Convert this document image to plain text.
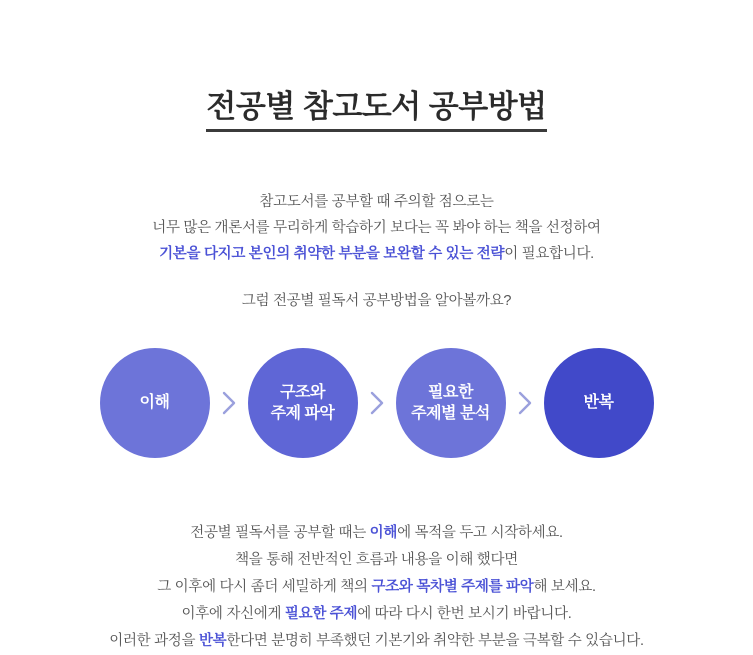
전공별 참고도서 공부방법
참고도서를 공부할 때 주의할 점으로는
너무 많은 개론서를 무리하게 학습하기 보다는 꼭 봐야 하는 책을 선정하여
기본을 다지고 본인의 취약한 부분을 보완할 수 있는 전략이 필요합니다.
그럼 전공별 필독서 공부방법을 알아볼까요?
이해
구조와
주제 파악
필요한
주제별 분석
반복
전공별 필독서를 공부할 때는 이해에 목적을 두고 시작하세요.
책을 통해 전반적인 흐름과 내용을 이해 했다면
그 이후에 다시 좀더 세밀하게 책의 구조와 목차별 주제를 파악해 보세요.
이후에 자신에게 필요한 주제에 따라 다시 한번 보시기 바랍니다.
이러한 과정을 반복한다면 분명히 부족했던 기본기와 취약한 부분을 극복할 수 있습니다.
